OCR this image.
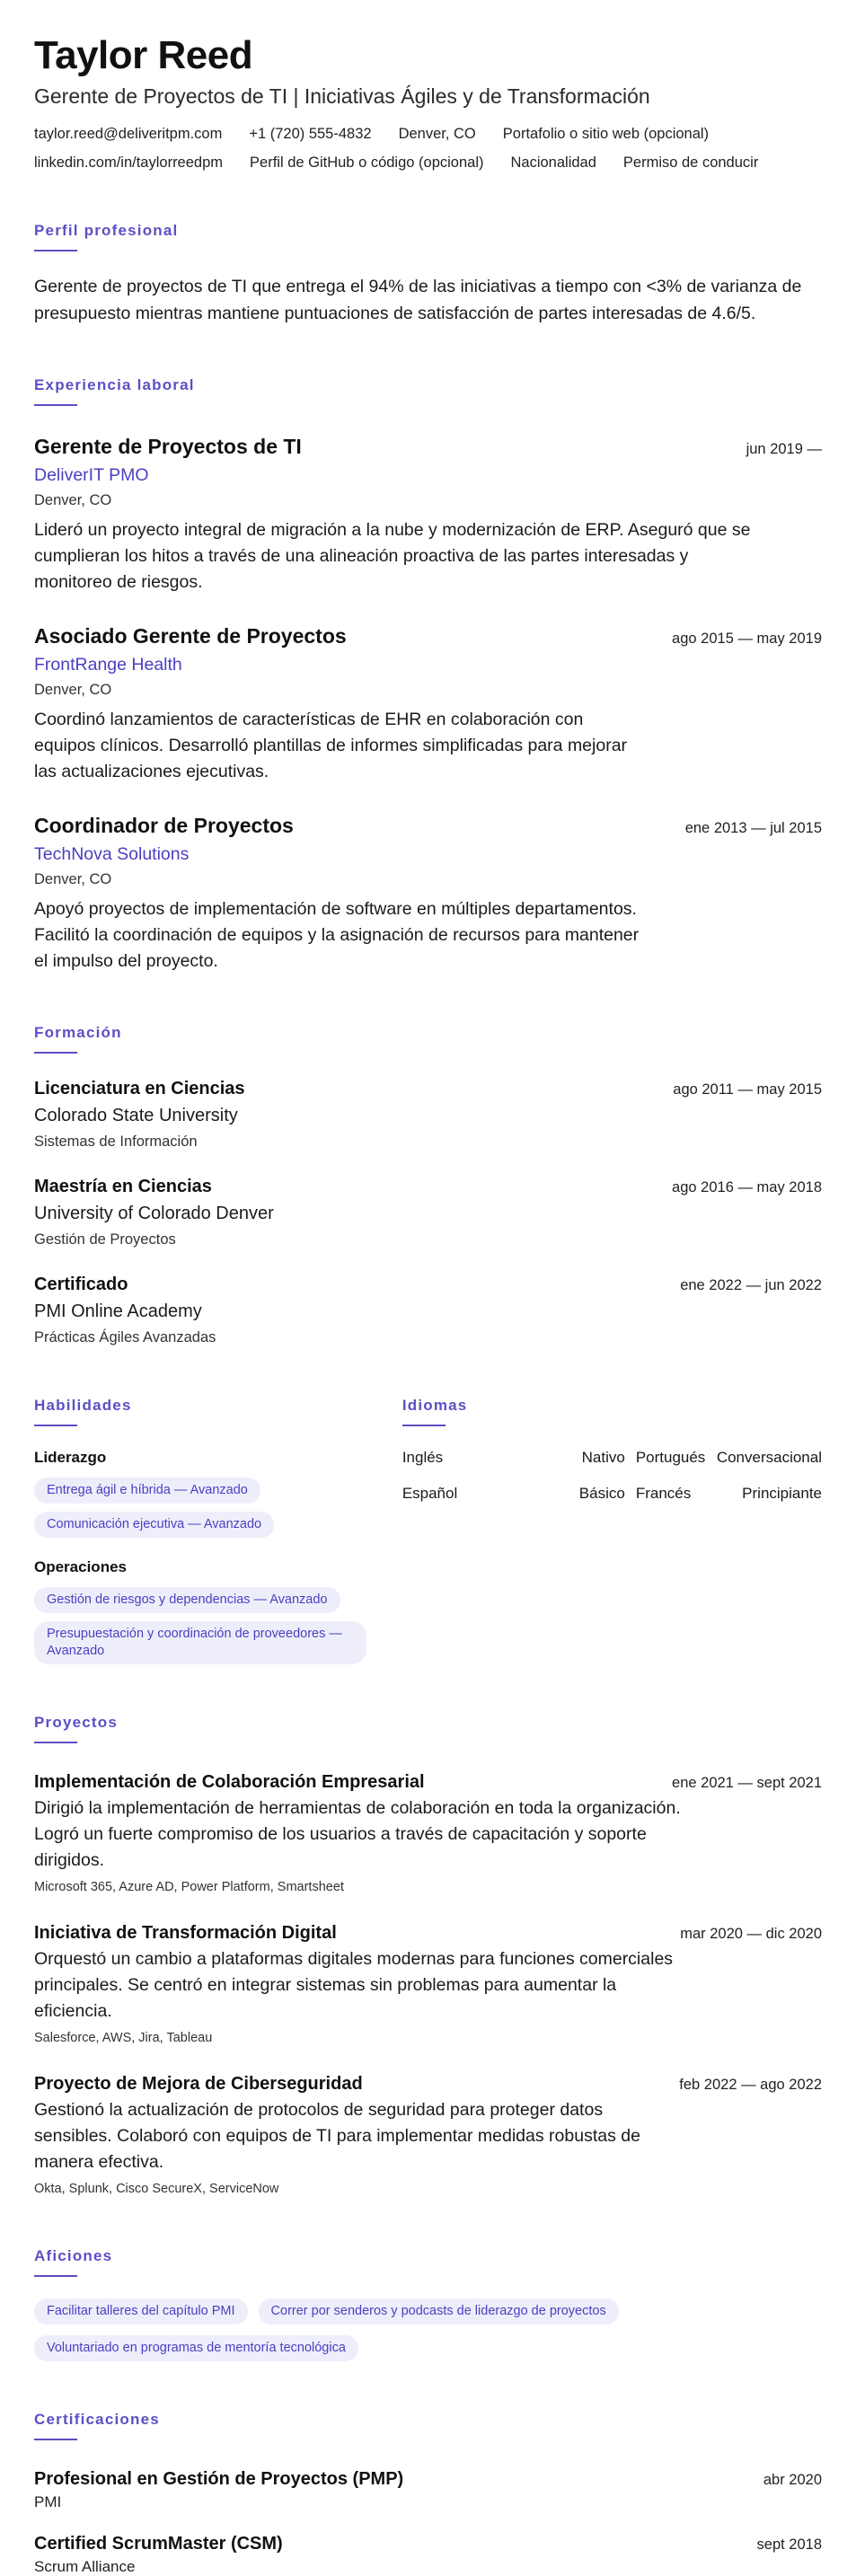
Taylor Reed
Gerente de Proyectos de TI | Iniciativas Ágiles y de Transformación
taylor.reed@deliveritpm.com +1 (720) 555-4832 Denver, CO Portafolio o sitio web (opcional)
linkedin.com/in/taylorreedpm Perfil de GitHub o código (opcional) Nacionalidad Permiso de conducir
Perfil profesional

Gerente de proyectos de TI que entrega el 94% de las iniciativas a tiempo con <3% de varianza de presupuesto mientras mantiene puntuaciones de satisfacción de partes interesadas de 4.6/5.

Experiencia laboral
Gerente de Proyectos de TI	jun 2019 —
DeliverIT PMO
Denver, CO

Lideró un proyecto integral de migración a la nube y modernización de ERP. Aseguró que se cumplieran los hitos a través de una alineación proactiva de las partes interesadas y monitoreo de riesgos.

Asociado Gerente de Proyectos	ago 2015 — may 2019
FrontRange Health
Denver, CO

Coordinó lanzamientos de características de EHR en colaboración con equipos clínicos. Desarrolló plantillas de informes simplificadas para mejorar las actualizaciones ejecutivas.

Coordinador de Proyectos	ene 2013 — jul 2015
TechNova Solutions
Denver, CO

Apoyó proyectos de implementación de software en múltiples departamentos. Facilitó la coordinación de equipos y la asignación de recursos para mantener el impulso del proyecto.

Formación
Licenciatura en Ciencias	ago 2011 — may 2015
Colorado State University
Sistemas de Información
Maestría en Ciencias	ago 2016 — may 2018
University of Colorado Denver
Gestión de Proyectos
Certificado	ene 2022 — jun 2022
PMI Online Academy
Prácticas Ágiles Avanzadas
Habilidades
Liderazgo
Entrega ágil e híbrida — Avanzado
Comunicación ejecutiva — Avanzado
Operaciones
Gestión de riesgos y dependencias — Avanzado
Presupuestación y coordinación de proveedores — Avanzado
Idiomas
Inglés	Nativo Portugués Conversacional
Español	Básico Francés	Principiante
Proyectos
Implementación de Colaboración Empresarial	ene 2021 — sept 2021

Dirigió la implementación de herramientas de colaboración en toda la organización. Logró un fuerte compromiso de los usuarios a través de capacitación y soporte dirigidos.

Microsoft 365, Azure AD, Power Platform, Smartsheet
Iniciativa de Transformación Digital	mar 2020 — dic 2020

Orquestó un cambio a plataformas digitales modernas para funciones comerciales principales. Se centró en integrar sistemas sin problemas para aumentar la eficiencia.

Salesforce, AWS, Jira, Tableau
Proyecto de Mejora de Ciberseguridad	feb 2022 — ago 2022

Gestionó la actualización de protocolos de seguridad para proteger datos sensibles. Colaboró con equipos de TI para implementar medidas robustas de manera efectiva.

Okta, Splunk, Cisco SecureX, ServiceNow
Aficiones
Facilitar talleres del capítulo PMI	Correr por senderos y podcasts de liderazgo de proyectos
Voluntariado en programas de mentoría tecnológica
Certificaciones
Profesional en Gestión de Proyectos (PMP)	abr 2020
PMI
Certified ScrumMaster (CSM)	sept 2018
Scrum Alliance
